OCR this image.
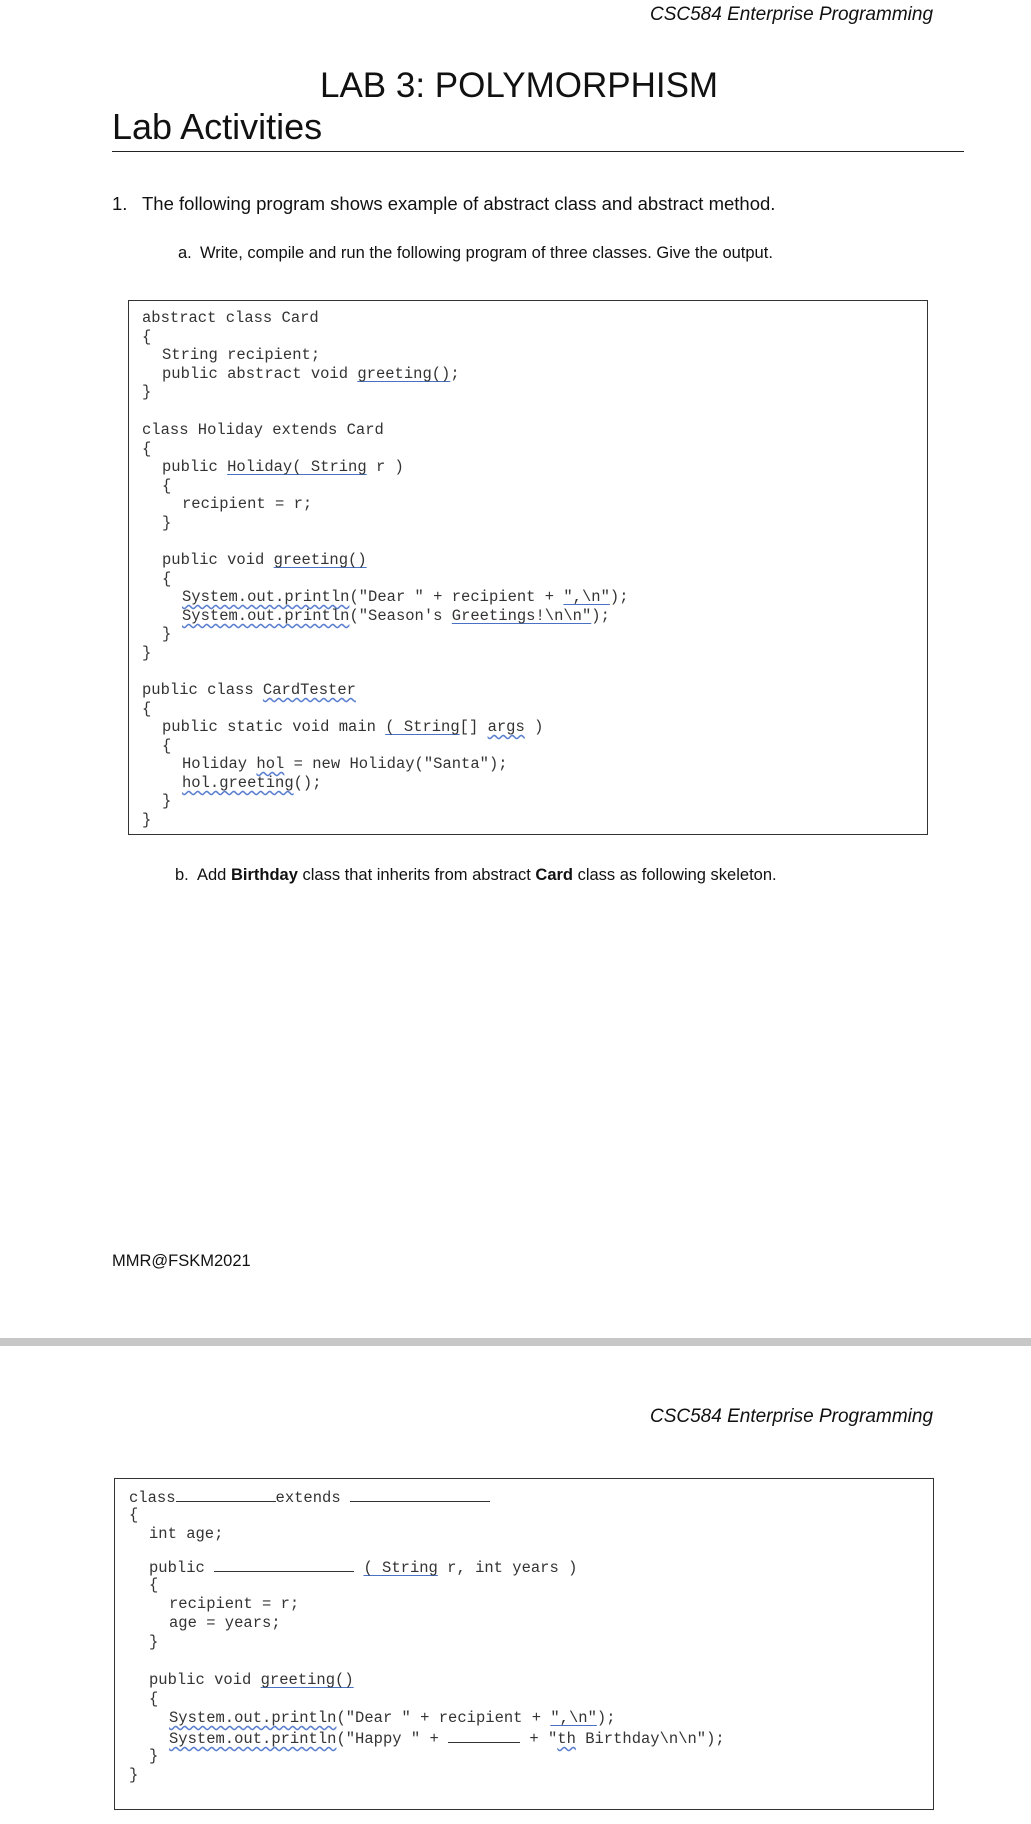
CSC584 Enterprise Programming
LAB 3: POLYMORPHISM
Lab Activities
1. The following program shows example of abstract class and abstract method.
a. Write, compile and run the following program of three classes. Give the output.
abstract class Card
{
String recipient;
public abstract void greeting();
}
class Holiday extends Card
{
public Holiday( String r )
{
recipient = r;
}
public void greeting()
{
System.out.println("Dear " + recipient + ",\n");
System.out.println("Season's Greetings!\n\n");
}
}
public class CardTester
{
public static void main ( String[] args )
{
Holiday hol = new Holiday("Santa");
hol.greeting();
}
}
b. Add Birthday class that inherits from abstract Card class as following skeleton.
MMR@FSKM2021
CSC584 Enterprise Programming
class	extends
{
int age;
public	( String r, int years )
{
recipient = r;
age = years;
}
public void greeting()
{
System.out.println("Dear " + recipient + ",\n");
System.out.println("Happy " +	+ "th Birthday\n\n");
}
}
